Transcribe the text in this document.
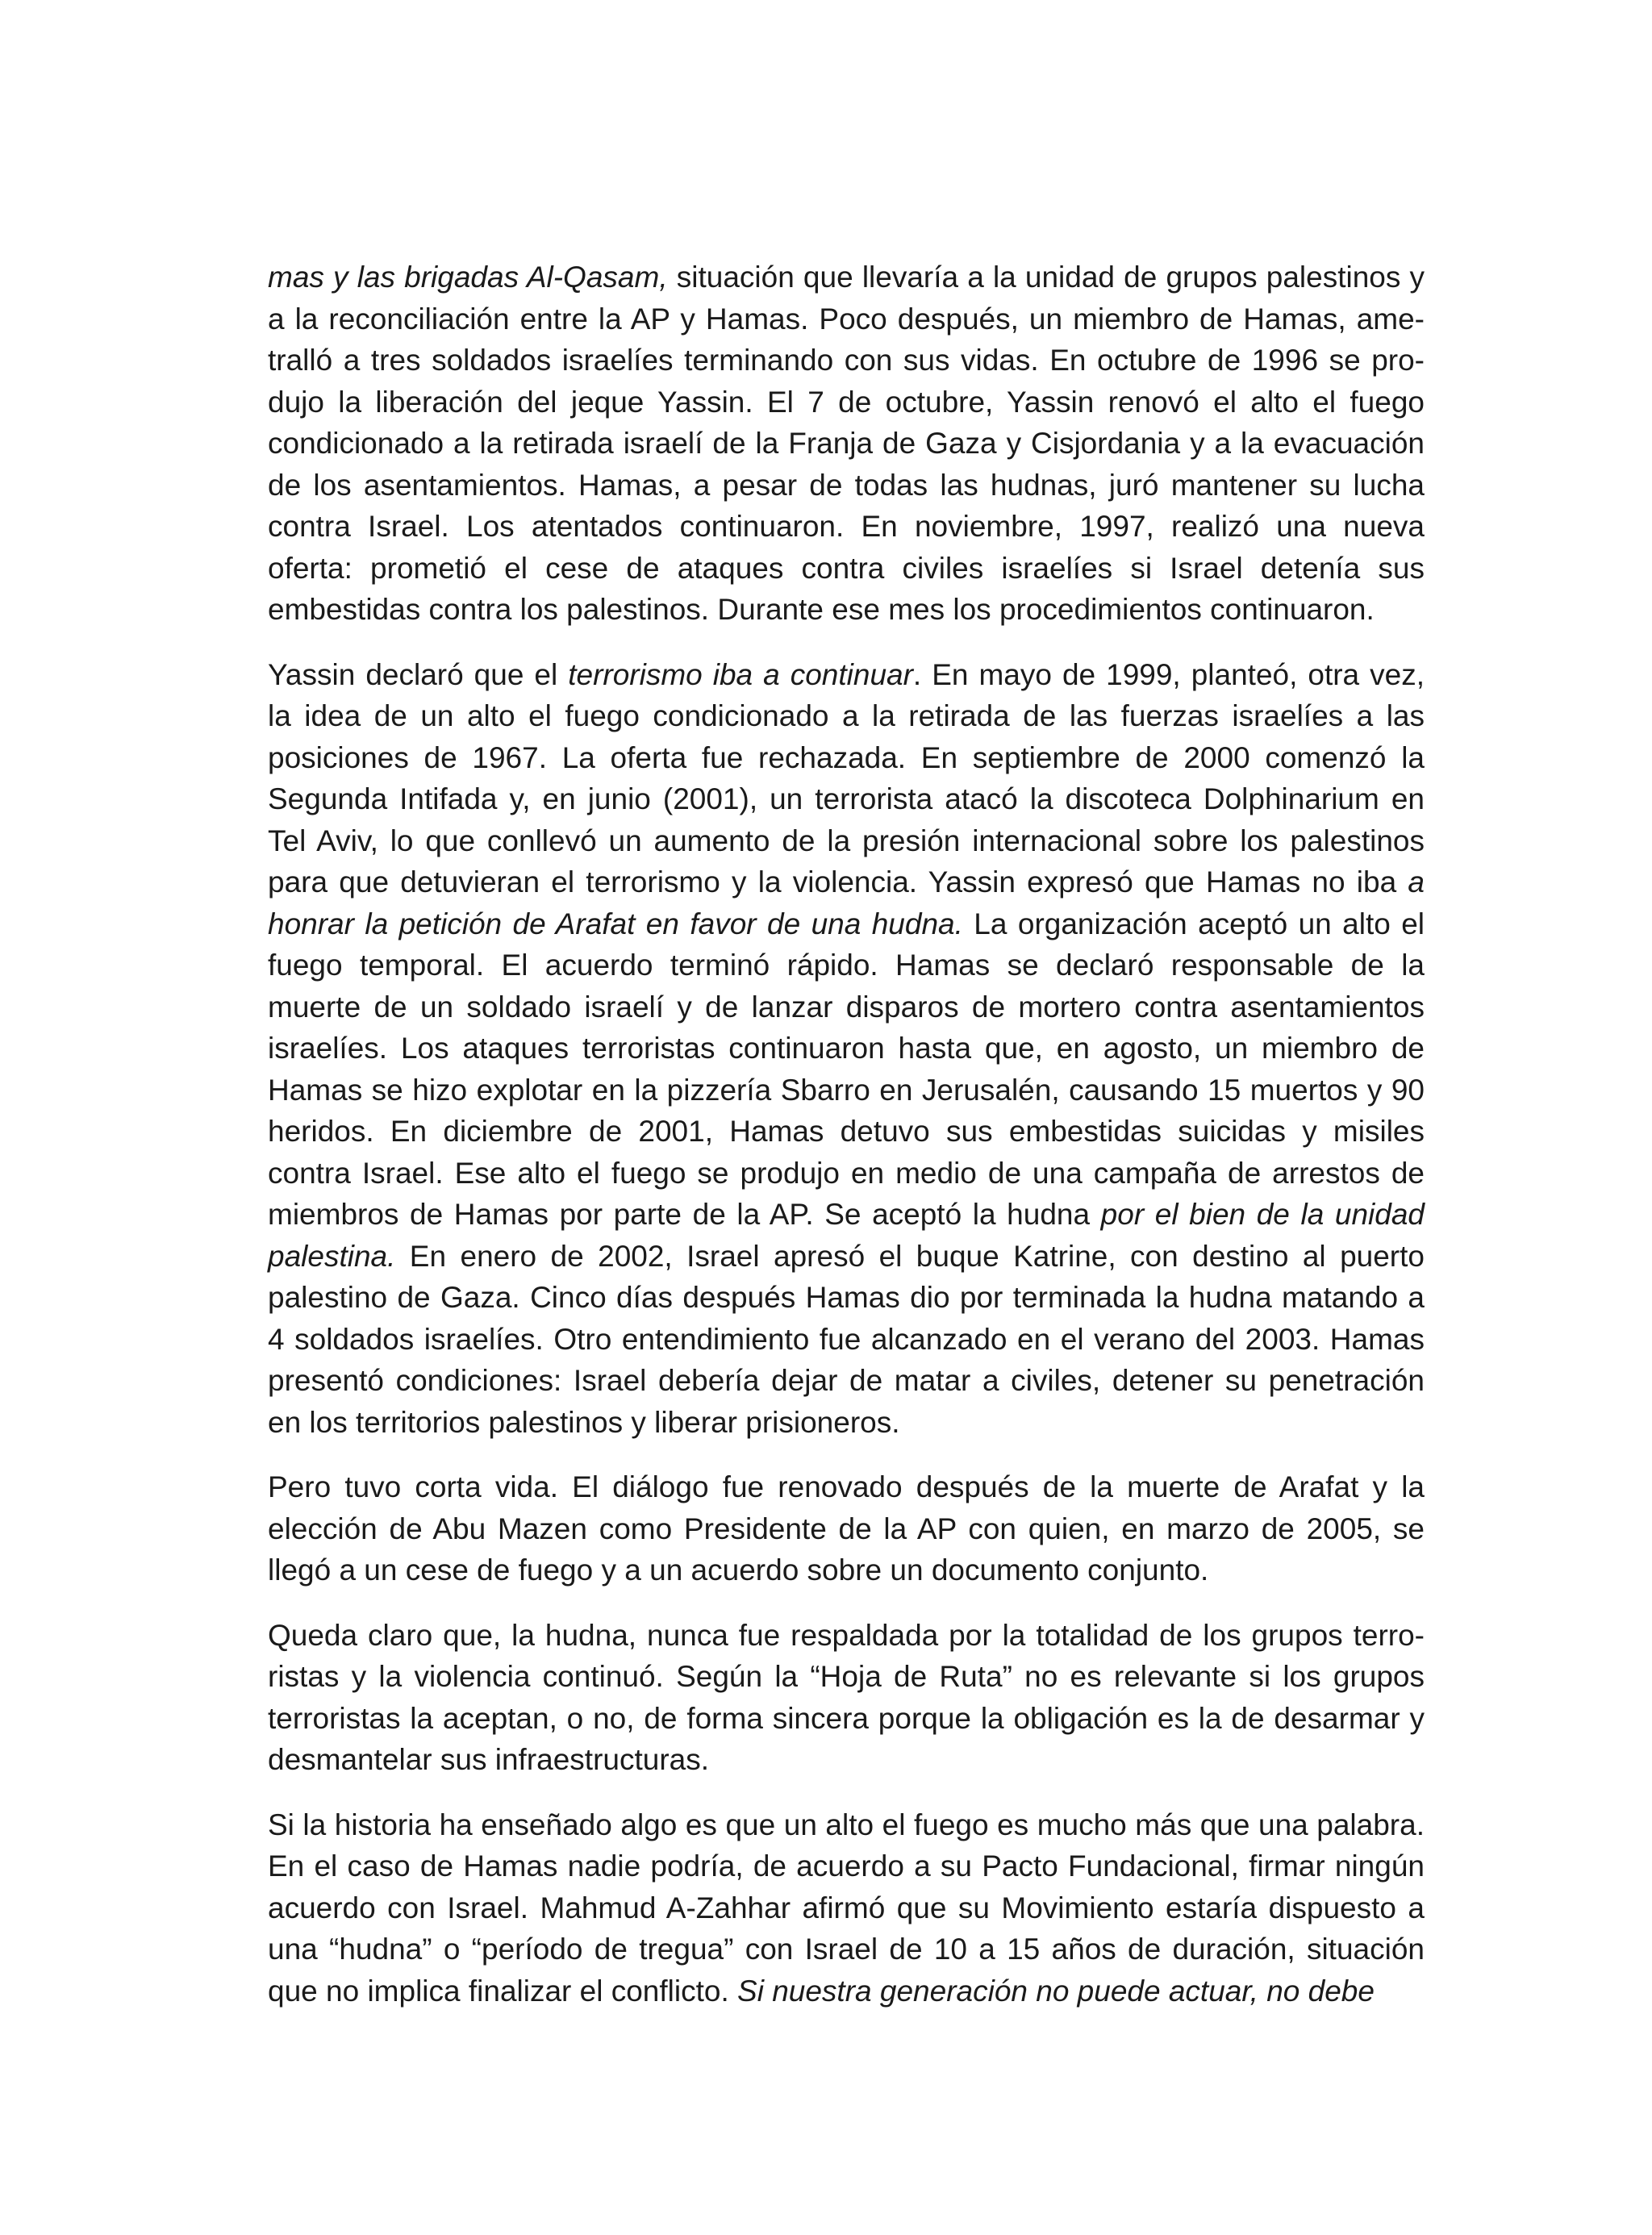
mas y las brigadas Al-Qasam, situación que llevaría a la unidad de grupos palestinos y a la reconciliación entre la AP y Hamas. Poco después, un miembro de Hamas, ametralló a tres soldados israelíes terminando con sus vidas. En octubre de 1996 se produjo la liberación del jeque Yassin. El 7 de octubre, Yassin renovó el alto el fuego condicionado a la retirada israelí de la Franja de Gaza y Cisjordania y a la evacuación de los asentamientos. Hamas, a pesar de todas las hudnas, juró mantener su lucha contra Israel. Los atentados continuaron. En noviembre, 1997, realizó una nueva oferta: prometió el cese de ataques contra civiles israelíes si Israel detenía sus embestidas contra los palestinos. Durante ese mes los procedimientos continuaron.

Yassin declaró que el terrorismo iba a continuar. En mayo de 1999, planteó, otra vez, la idea de un alto el fuego condicionado a la retirada de las fuerzas israelíes a las posiciones de 1967. La oferta fue rechazada. En septiembre de 2000 comenzó la Segunda Intifada y, en junio (2001), un terrorista atacó la discoteca Dolphinarium en Tel Aviv, lo que conllevó un aumento de la presión internacional sobre los palestinos para que detuvieran el terrorismo y la violencia. Yassin expresó que Hamas no iba a honrar la petición de Arafat en favor de una hudna. La organización aceptó un alto el fuego temporal. El acuerdo terminó rápido. Hamas se declaró responsable de la muerte de un soldado israelí y de lanzar disparos de mortero contra asentamientos israelíes. Los ataques terroristas continuaron hasta que, en agosto, un miembro de Hamas se hizo explotar en la pizzería Sbarro en Jerusalén, causando 15 muertos y 90 heridos. En diciembre de 2001, Hamas detuvo sus embestidas suicidas y misiles contra Israel. Ese alto el fuego se produjo en medio de una campaña de arrestos de miembros de Hamas por parte de la AP. Se aceptó la hudna por el bien de la unidad palestina. En enero de 2002, Israel apresó el buque Katrine, con destino al puerto palestino de Gaza. Cinco días después Hamas dio por terminada la hudna matando a 4 soldados israelíes. Otro entendimiento fue alcanzado en el verano del 2003. Hamas presentó condiciones: Israel debería dejar de matar a civiles, detener su penetración en los territorios palestinos y liberar prisioneros.

Pero tuvo corta vida. El diálogo fue renovado después de la muerte de Arafat y la elección de Abu Mazen como Presidente de la AP con quien, en marzo de 2005, se llegó a un cese de fuego y a un acuerdo sobre un documento conjunto.

Queda claro que, la hudna, nunca fue respaldada por la totalidad de los grupos terroristas y la violencia continuó. Según la “Hoja de Ruta” no es relevante si los grupos terroristas la aceptan, o no, de forma sincera porque la obligación es la de desarmar y desmantelar sus infraestructuras.

Si la historia ha enseñado algo es que un alto el fuego es mucho más que una palabra. En el caso de Hamas nadie podría, de acuerdo a su Pacto Fundacional, firmar ningún acuerdo con Israel. Mahmud A-Zahhar afirmó que su Movimiento estaría dispuesto a una “hudna” o “período de tregua” con Israel de 10 a 15 años de duración, situación que no implica finalizar el conflicto. Si nuestra generación no puede actuar, no debe
